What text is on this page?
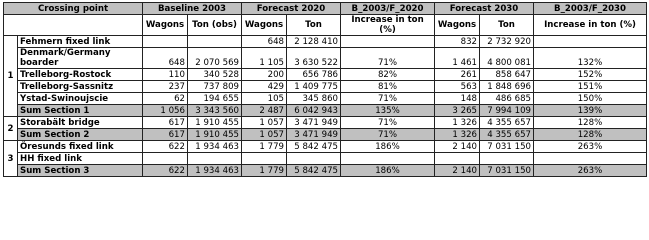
Crossing point		Baseline 2003		Forecast 2020		B_2003/F_2020	Forecast 2030		B_2003/F_2030
		Wagons	Ton (obs)	Wagons	Ton	Increase in ton (%)	Wagons	Ton	Increase in ton (%)
1	Fehmern fixed link			648	2 128 410		832	2 732 920	
	Denmark/Germany boarder	648	2 070 569	1 105	3 630 522	71%	1 461	4 800 081	132%
	Trelleborg-Rostock	110	340 528	200	656 786	82%	261	858 647	152%
	Trelleborg-Sassnitz	237	737 809	429	1 409 775	81%	563	1 848 696	151%
	Ystad-Swinoujscie	62	194 655	105	345 860	71%	148	486 685	150%
	Sum Section 1	1 056	3 343 560	2 487	6 042 943	135%	3 265	7 994 109	139%
2	Storabält bridge	617	1 910 455	1 057	3 471 949	71%	1 326	4 355 657	128%
	Sum Section 2	617	1 910 455	1 057	3 471 949	71%	1 326	4 355 657	128%
3	Öresunds fixed link	622	1 934 463	1 779	5 842 475	186%	2 140	7 031 150	263%
	HH fixed link								
	Sum Section 3	622	1 934 463	1 779	5 842 475	186%	2 140	7 031 150	263%
